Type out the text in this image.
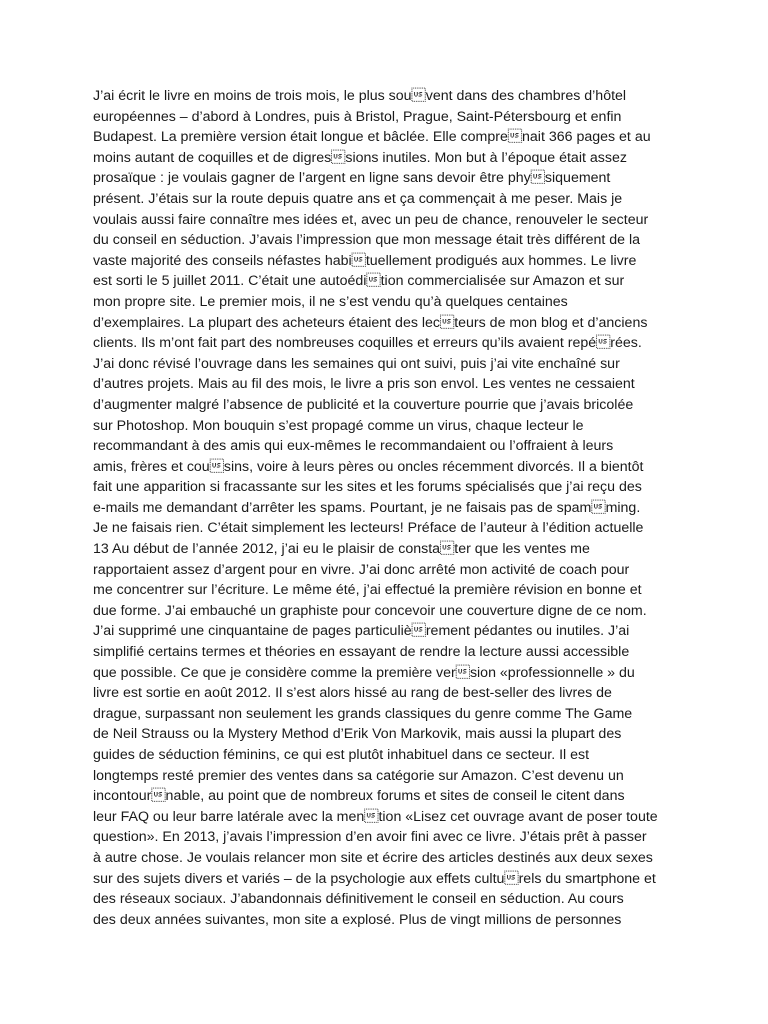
J’ai écrit le livre en moins de trois mois, le plus souvent dans des chambres d’hôtel
européennes – d’abord à Londres, puis à Bristol, Prague, Saint-Pétersbourg et enfin
Budapest. La première version était longue et bâclée. Elle comprenait 366 pages et au
moins autant de coquilles et de digressions inutiles. Mon but à l’époque était assez
prosaïque : je voulais gagner de l’argent en ligne sans devoir être physiquement
présent. J’étais sur la route depuis quatre ans et ça commençait à me peser. Mais je
voulais aussi faire connaître mes idées et, avec un peu de chance, renouveler le secteur
du conseil en séduction. J’avais l’impression que mon message était très différent de la
vaste majorité des conseils néfastes habituellement prodigués aux hommes. Le livre
est sorti le 5 juillet 2011. C’était une autoédition commercialisée sur Amazon et sur
mon propre site. Le premier mois, il ne s’est vendu qu’à quelques centaines
d’exemplaires. La plupart des acheteurs étaient des lecteurs de mon blog et d’anciens
clients. Ils m’ont fait part des nombreuses coquilles et erreurs qu’ils avaient repérées.
J’ai donc révisé l’ouvrage dans les semaines qui ont suivi, puis j’ai vite enchaîné sur
d’autres projets. Mais au fil des mois, le livre a pris son envol. Les ventes ne cessaient
d’augmenter malgré l’absence de publicité et la couverture pourrie que j’avais bricolée
sur Photoshop. Mon bouquin s’est propagé comme un virus, chaque lecteur le
recommandant à des amis qui eux-mêmes le recommandaient ou l’offraient à leurs
amis, frères et cousins, voire à leurs pères ou oncles récemment divorcés. Il a bientôt
fait une apparition si fracassante sur les sites et les forums spécialisés que j’ai reçu des
e-mails me demandant d’arrêter les spams. Pourtant, je ne faisais pas de spamming.
Je ne faisais rien. C’était simplement les lecteurs! Préface de l’auteur à l’édition actuelle
13 Au début de l’année 2012, j’ai eu le plaisir de constater que les ventes me
rapportaient assez d’argent pour en vivre. J’ai donc arrêté mon activité de coach pour
me concentrer sur l’écriture. Le même été, j’ai effectué la première révision en bonne et
due forme. J’ai embauché un graphiste pour concevoir une couverture digne de ce nom.
J’ai supprimé une cinquantaine de pages particulièrement pédantes ou inutiles. J’ai
simplifié certains termes et théories en essayant de rendre la lecture aussi accessible
que possible. Ce que je considère comme la première version «professionnelle » du
livre est sortie en août 2012. Il s’est alors hissé au rang de best-seller des livres de
drague, surpassant non seulement les grands classiques du genre comme The Game
de Neil Strauss ou la Mystery Method d’Erik Von Markovik, mais aussi la plupart des
guides de séduction féminins, ce qui est plutôt inhabituel dans ce secteur. Il est
longtemps resté premier des ventes dans sa catégorie sur Amazon. C’est devenu un
incontournable, au point que de nombreux forums et sites de conseil le citent dans
leur FAQ ou leur barre latérale avec la mention «Lisez cet ouvrage avant de poser toute
question». En 2013, j’avais l’impression d’en avoir fini avec ce livre. J’étais prêt à passer
à autre chose. Je voulais relancer mon site et écrire des articles destinés aux deux sexes
sur des sujets divers et variés – de la psychologie aux effets culturels du smartphone et
des réseaux sociaux. J’abandonnais définitivement le conseil en séduction. Au cours
des deux années suivantes, mon site a explosé. Plus de vingt millions de personnes
